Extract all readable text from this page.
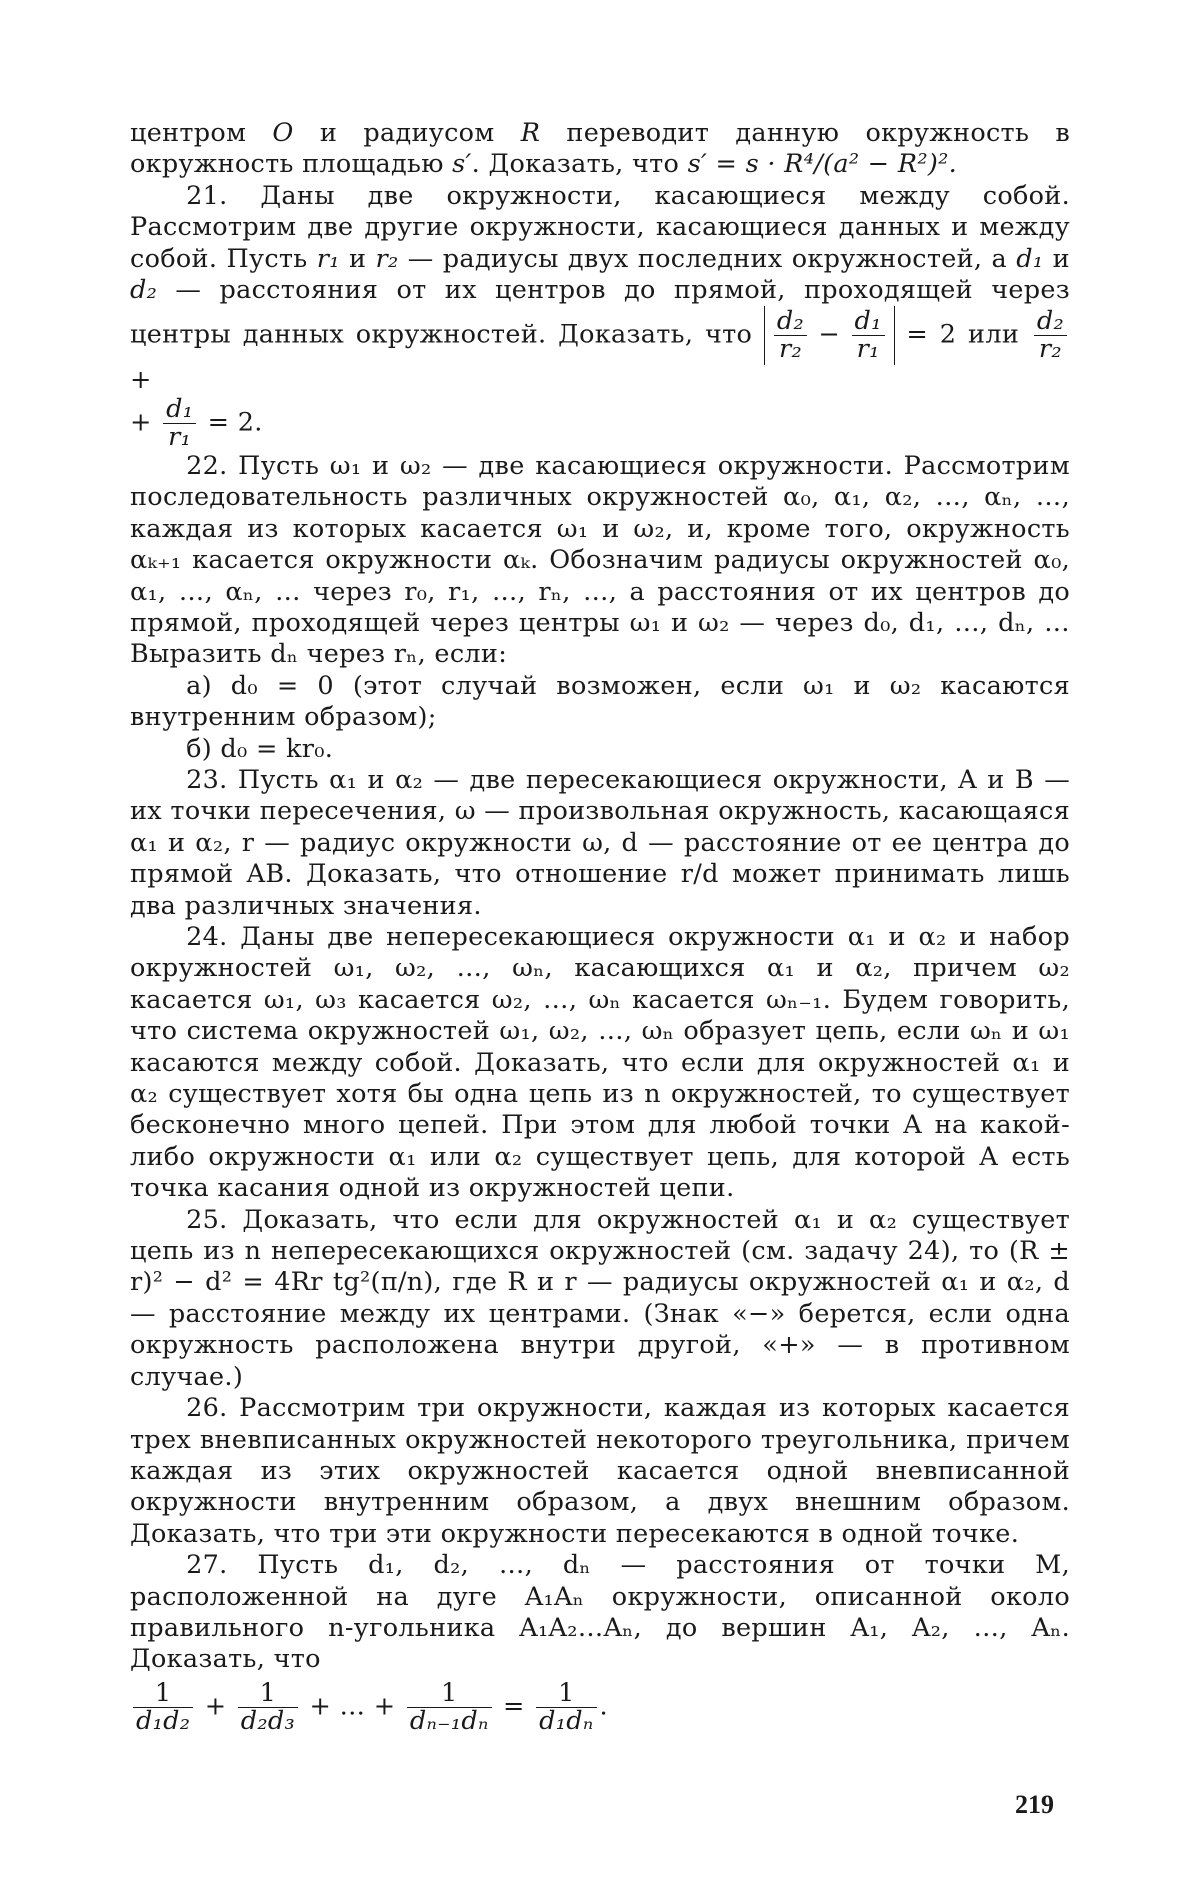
центром O и радиусом R переводит данную окружность в окружность площадью s′. Доказать, что s′ = s · R⁴/(a² − R²)².

21. Даны две окружности, касающиеся между собой. Рассмотрим две другие окружности, касающиеся данных и между собой. Пусть r₁ и r₂ — радиусы двух последних окружностей, а d₁ и d₂ — расстояния от их центров до прямой, проходящей через центры данных окружностей. Доказать, что d₂
r₂ − d₁
r₁ = 2 или d₂
r₂
+

+ d₁
r₁ = 2.

22. Пусть ω₁ и ω₂ — две касающиеся окружности. Рассмотрим последовательность различных окружностей α₀, α₁, α₂, …, αₙ, …, каждая из которых касается ω₁ и ω₂, и, кроме того, окружность αₖ₊₁ касается окружности αₖ. Обозначим радиусы окружностей α₀, α₁, …, αₙ, … через r₀, r₁, …, rₙ, …, а расстояния от их центров до прямой, проходящей через центры ω₁ и ω₂ — через d₀, d₁, …, dₙ, … Выразить dₙ через rₙ, если:

а) d₀ = 0 (этот случай возможен, если ω₁ и ω₂ касаются внутренним образом);

б) d₀ = kr₀.

23. Пусть α₁ и α₂ — две пересекающиеся окружности, A и B — их точки пересечения, ω — произвольная окружность, касающаяся α₁ и α₂, r — радиус окружности ω, d — расстояние от ее центра до прямой AB. Доказать, что отношение r/d может принимать лишь два различных значения.

24. Даны две непересекающиеся окружности α₁ и α₂ и набор окружностей ω₁, ω₂, …, ωₙ, касающихся α₁ и α₂, причем ω₂ касается ω₁, ω₃ касается ω₂, …, ωₙ касается ωₙ₋₁. Будем говорить, что система окружностей ω₁, ω₂, …, ωₙ образует цепь, если ωₙ и ω₁ касаются между собой. Доказать, что если для окружностей α₁ и α₂ существует хотя бы одна цепь из n окружностей, то существует бесконечно много цепей. При этом для любой точки A на какой-либо окружности α₁ или α₂ существует цепь, для которой A есть точка касания одной из окружностей цепи.

25. Доказать, что если для окружностей α₁ и α₂ существует цепь из n непересекающихся окружностей (см. задачу 24), то (R ± r)² − d² = 4Rr tg²(π/n), где R и r — радиусы окружностей α₁ и α₂, d — расстояние между их центрами. (Знак «−» берется, если одна окружность расположена внутри другой, «+» — в противном случае.)

26. Рассмотрим три окружности, каждая из которых касается трех вневписанных окружностей некоторого треугольника, причем каждая из этих окружностей касается одной вневписанной окружности внутренним образом, а двух внешним образом. Доказать, что три эти окружности пересекаются в одной точке.

27. Пусть d₁, d₂, …, dₙ — расстояния от точки M, расположенной на дуге A₁Aₙ окружности, описанной около правильного n-угольника A₁A₂…Aₙ, до вершин A₁, A₂, …, Aₙ. Доказать, что

1
d₁d₂ + 1
d₂d₃ + … +	1
dₙ₋₁dₙ = 1
d₁dₙ .

219
